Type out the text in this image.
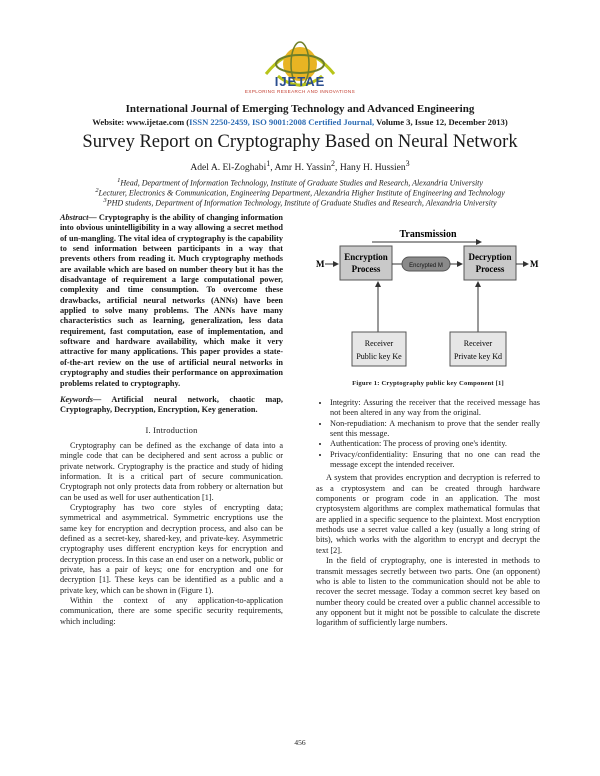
IJETAE
EXPLORING RESEARCH AND INNOVATIONS
International Journal of Emerging Technology and Advanced Engineering
Website: www.ijetae.com (ISSN 2250-2459, ISO 9001:2008 Certified Journal, Volume 3, Issue 12, December 2013)
Survey Report on Cryptography Based on Neural Network
Adel A. El-Zoghabi$^1$, Amr H. Yassin$^2$, Hany H. Hussien$^3$
$^1$Head, Department of Information Technology, Institute of Graduate Studies and Research, Alexandria University
$^2$Lecturer, Electronics & Communication, Engineering Department, Alexandria Higher Institute of Engineering and Technology
$^3$PHD students, Department of Information Technology, Institute of Graduate Studies and Research, Alexandria University
Abstract— Cryptography is the ability of changing information into obvious unintelligibility in a way allowing a secret method of un-mangling. The vital idea of cryptography is the capability to send information between participants in a way that prevents others from reading it. Much cryptography methods are available which are based on number theory but it has the disadvantage of requirement a large computational power, complexity and time consumption. To overcome these drawbacks, artificial neural networks (ANNs) have been applied to solve many problems. The ANNs have many characteristics such as learning, generalization, less data requirement, fast computation, ease of implementation, and software and hardware availability, which make it very attractive for many applications. This paper provides a state-of-the-art review on the use of artificial neural networks in cryptography and studies their performance on approximation problems related to cryptography.
Keywords— Artificial neural network, chaotic map, Cryptography, Decryption, Encryption, Key generation.
I. Introduction

Cryptography can be defined as the exchange of data into a mingle code that can be deciphered and sent across a public or private network. Cryptography is the practice and study of hiding information. It is a critical part of secure communication. Cryptograph not only protects data from robbery or alternation but can be used as well for user authentication [1].

Cryptography has two core styles of encrypting data; symmetrical and asymmetrical. Symmetric encryptions use the same key for encryption and decryption process, and also can be defined as a secret-key, shared-key, and private-key. Asymmetric cryptography uses different encryption keys for encryption and decryption process. In this case an end user on a network, public or private, has a pair of keys; one for encryption and one for decryption [1]. These keys can be identified as a public and a private key, which can be shown in (Figure 1).

Within the context of any application-to-application communication, there are some specific security requirements, which including:

Transmission
M
Encryption
Process	Encrypted M
Decryption
Process	M
Receiver
Public key Ke
Receiver
Private key Kd
Figure 1: Cryptography public key Component [1]
• Integrity: Assuring the receiver that the received message has not been altered in any way from the original.
• Non-repudiation: A mechanism to prove that the sender really sent this message.
• Authentication: The process of proving one's identity.
• Privacy/confidentiality: Ensuring that no one can read the message except the intended receiver.

A system that provides encryption and decryption is referred to as a cryptosystem and can be created through hardware components or program code in an application. The most cryptosystem algorithms are complex mathematical formulas that are applied in a specific sequence to the plaintext. Most encryption methods use a secret value called a key (usually a long string of bits), which works with the algorithm to encrypt and decrypt the text [2].

In the field of cryptography, one is interested in methods to transmit messages secretly between two parts. One (an opponent) who is able to listen to the communication should not be able to recover the secret message. Today a common secret key based on number theory could be created over a public channel accessible to any opponent but it might not be possible to calculate the discrete logarithm of sufficiently large numbers.

456
